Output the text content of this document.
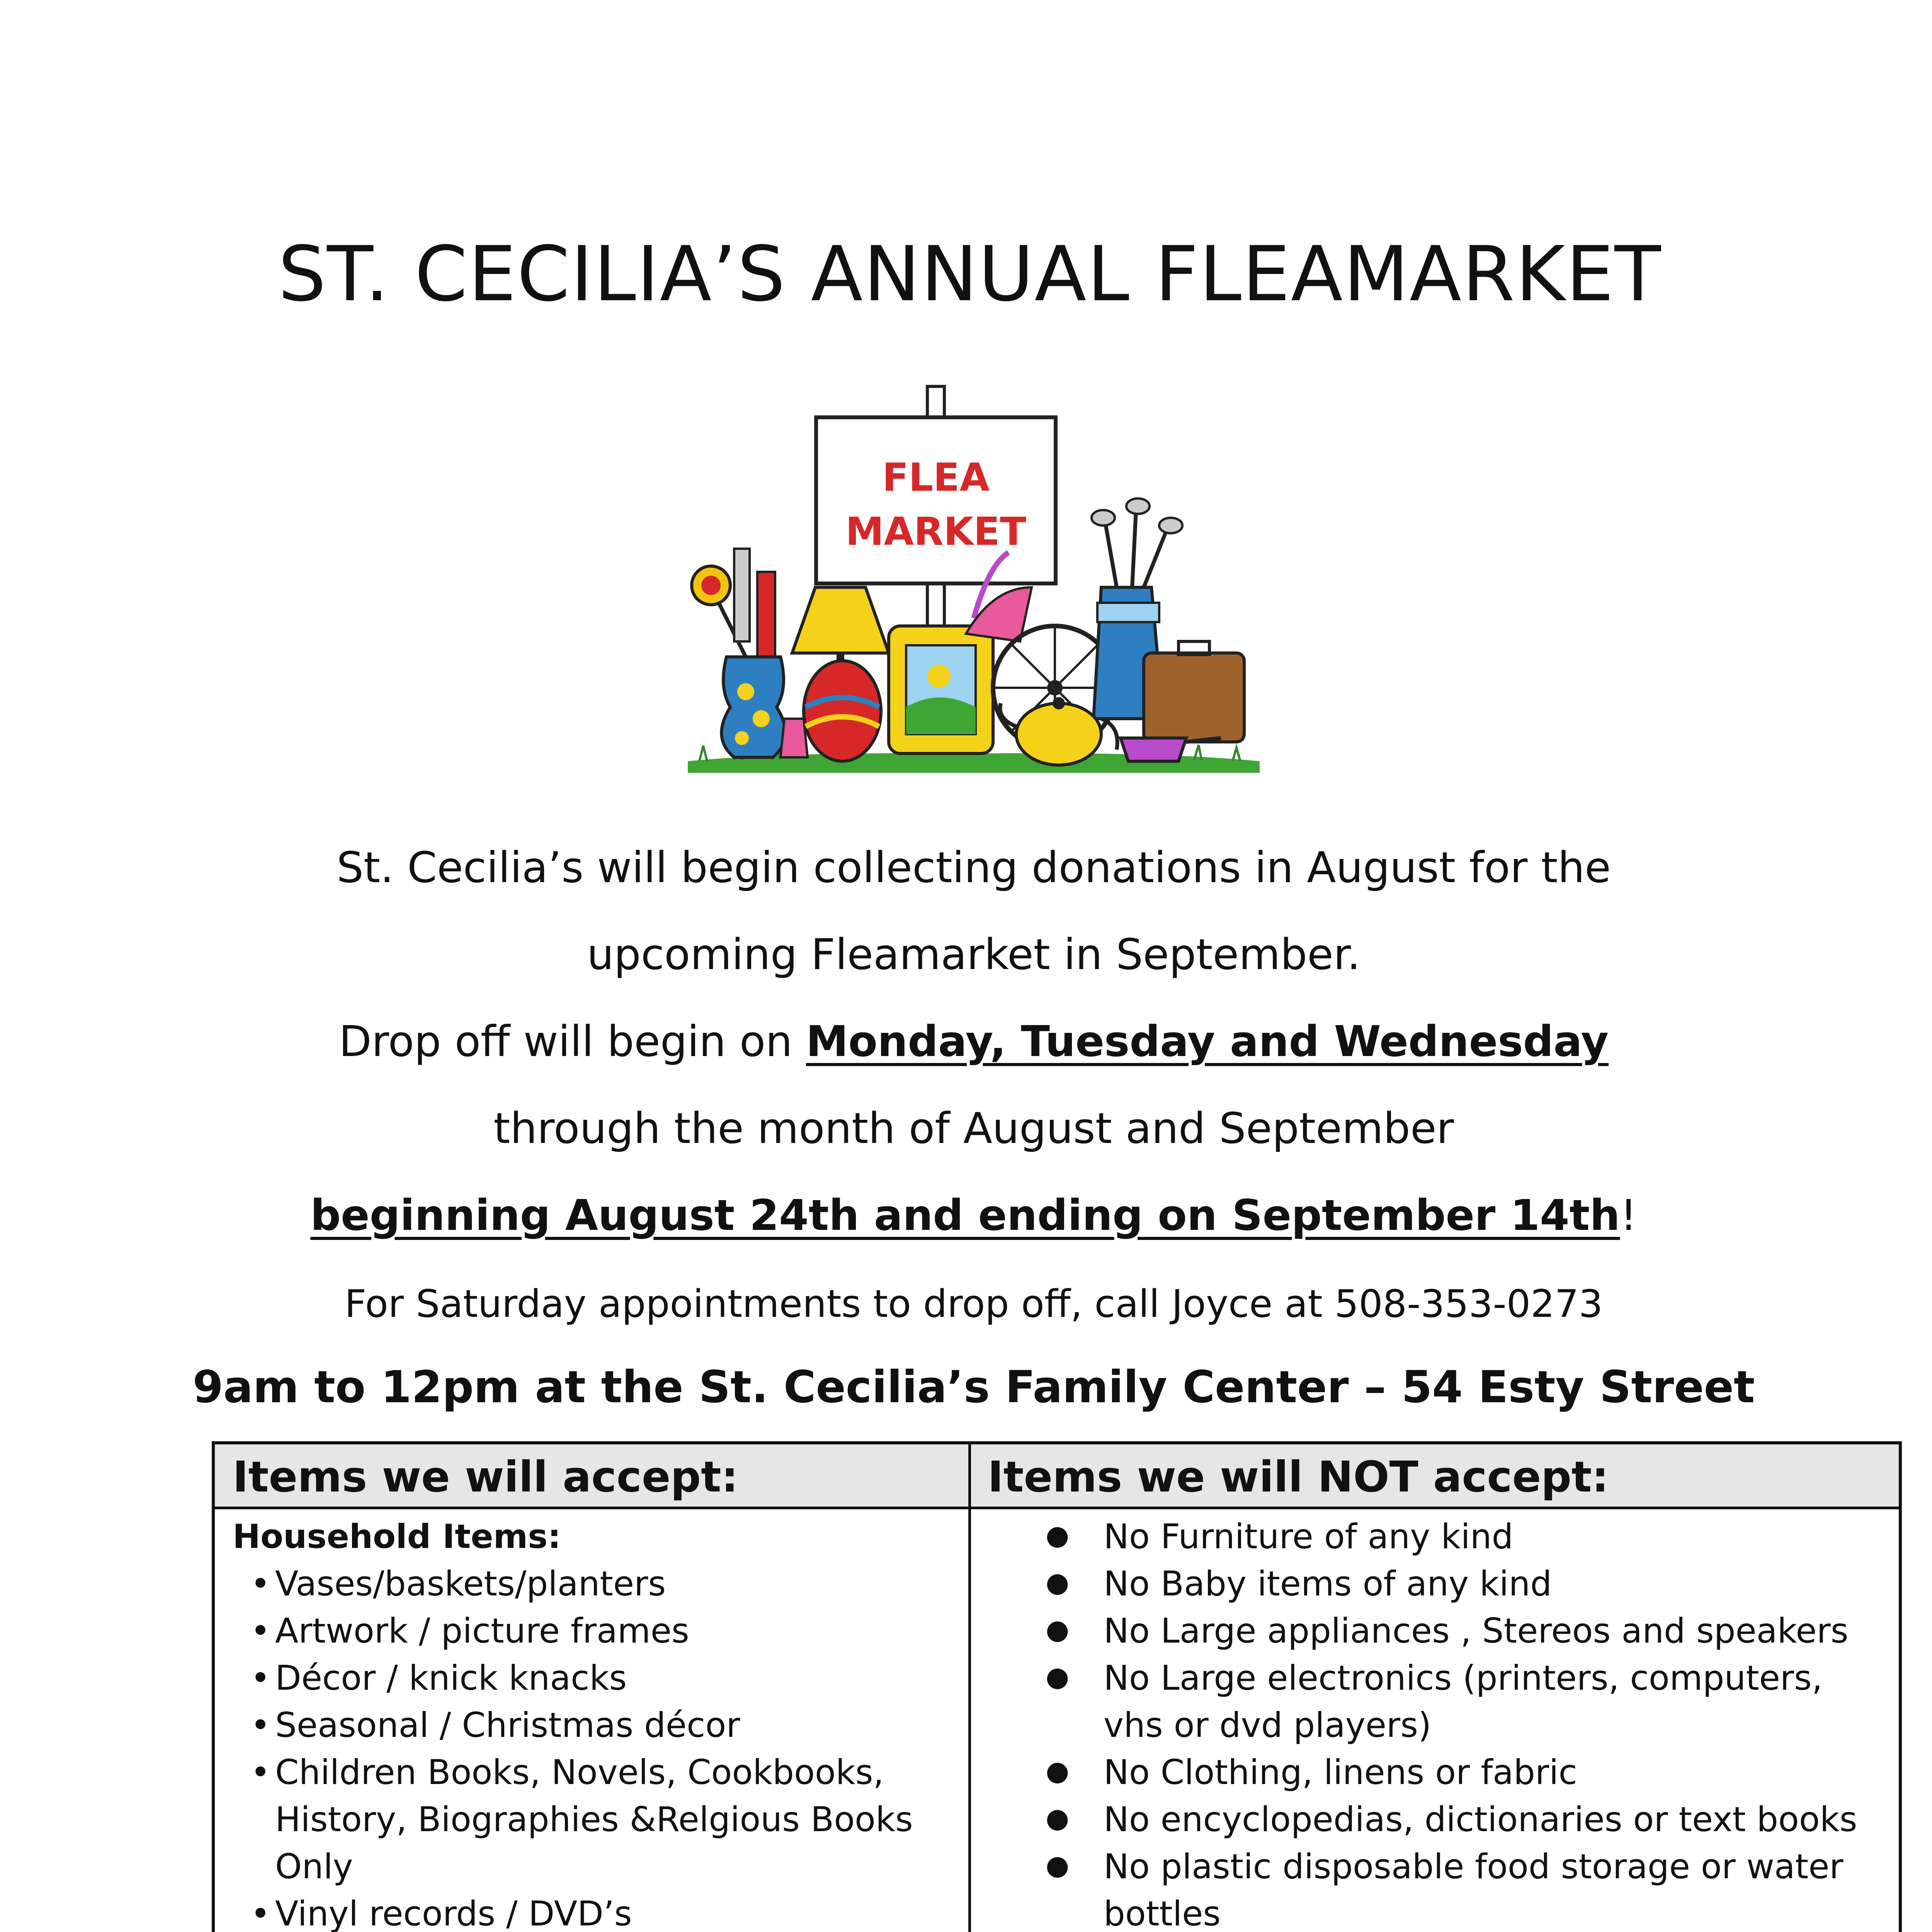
ST. CECILIA’S ANNUAL FLEAMARKET
FLEA
MARKET
St. Cecilia’s will begin collecting donations in August for the
upcoming Fleamarket in September.
Drop off will begin on Monday, Tuesday and Wednesday
through the month of August and September
beginning August 24th and ending on September 14th!
For Saturday appointments to drop off, call Joyce at 508-353-0273
9am to 12pm at the St. Cecilia’s Family Center – 54 Esty Street
Items we will accept:	Items we will NOT accept:
Household Items:
• Vases/baskets/planters
• Artwork / picture frames
• Décor / knick knacks
• Seasonal / Christmas décor
• Children Books, Novels, Cookbooks, History, Biographies &Relgious Books Only
• Vinyl records / DVD’s
● No Furniture of any kind
● No Baby items of any kind
● No Large appliances , Stereos and speakers
● No Large electronics (printers, computers, vhs or dvd players)
● No Clothing, linens or fabric
● No encyclopedias, dictionaries or text books
● No plastic disposable food storage or water bottles
